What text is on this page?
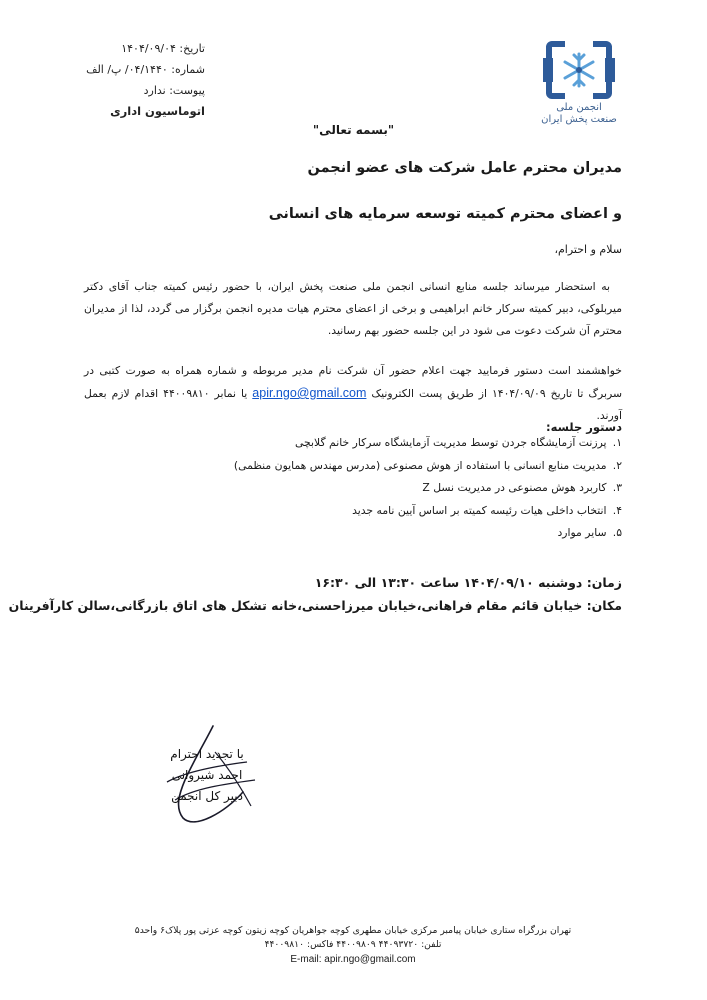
انجمن ملی
صنعت پخش ایران
تاریخ: ۱۴۰۴/۰۹/۰۴
شماره: ۰۴/۱۴۴۰/ پ/ الف
پیوست: ندارد
اتوماسیون اداری
"بسمه تعالی"
مدیران محترم عامل شرکت های عضو انجمن
و اعضای محترم کمیته توسعه سرمایه های انسانی
سلام و احترام،

به استحضار میرساند جلسه منابع انسانی انجمن ملی صنعت پخش ایران، با حضور رئیس کمیته جناب آقای دکتر میربلوکی، دبیر کمیته سرکار خانم ابراهیمی و برخی از اعضای محترم هیات مدیره انجمن برگزار می گردد، لذا از مدیران محترم آن شرکت دعوت می شود در این جلسه حضور بهم رسانید.

خواهشمند است دستور فرمایید جهت اعلام حضور آن شرکت نام مدیر مربوطه و شماره همراه به صورت کتبی در سربرگ تا تاریخ ۱۴۰۴/۰۹/۰۹ از طریق پست الکترونیک apir.ngo@gmail.com یا نمابر ۴۴۰۰۹۸۱۰ اقدام لازم بعمل آورند.

دستور جلسه:
۱. پرزنت آزمایشگاه جردن توسط مدیریت آزمایشگاه سرکار خانم گلابچی
۲. مدیریت منابع انسانی با استفاده از هوش مصنوعی (مدرس مهندس همایون منظمی)
۳. کاربرد هوش مصنوعی در مدیریت نسل Z
۴. انتخاب داخلی هیات رئیسه کمیته بر اساس آیین نامه جدید
۵. سایر موارد
زمان: دوشنبه ۱۴۰۴/۰۹/۱۰ ساعت ۱۳:۳۰ الی ۱۶:۳۰
مکان: خیابان قائم مقام فراهانی،خیابان میرزاحسنی،خانه تشکل های اتاق بازرگانی،سالن کارآفرینان
با تجدید احترام
احمد شیروانی
دبیر کل انجمن
تهران بزرگراه ستاری خیابان پیامبر مرکزی خیابان مطهری کوچه جواهریان کوچه زیتون کوچه عزتی پور پلاک۶ واحد۵
تلفن: ۴۴۰۹۳۷۲۰ ۴۴۰۰۹۸۰۹ فاکس: ۴۴۰۰۹۸۱۰
E-mail: apir.ngo@gmail.com
